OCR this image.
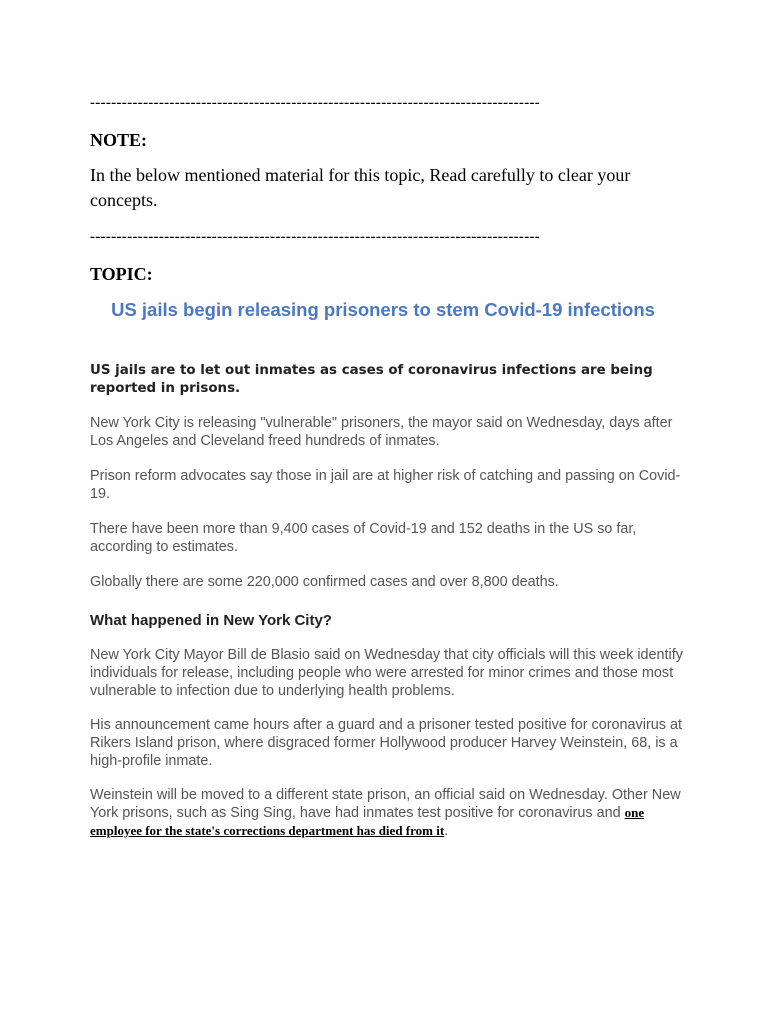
-------------------------------------------------------------------------------------
NOTE:
In the below mentioned material for this topic, Read carefully to clear your concepts.
-------------------------------------------------------------------------------------
TOPIC:
US jails begin releasing prisoners to stem Covid-19 infections
US jails are to let out inmates as cases of coronavirus infections are being reported in prisons.
New York City is releasing "vulnerable" prisoners, the mayor said on Wednesday, days after Los Angeles and Cleveland freed hundreds of inmates.
Prison reform advocates say those in jail are at higher risk of catching and passing on Covid-19.
There have been more than 9,400 cases of Covid-19 and 152 deaths in the US so far, according to estimates.
Globally there are some 220,000 confirmed cases and over 8,800 deaths.
What happened in New York City?
New York City Mayor Bill de Blasio said on Wednesday that city officials will this week identify individuals for release, including people who were arrested for minor crimes and those most vulnerable to infection due to underlying health problems.
His announcement came hours after a guard and a prisoner tested positive for coronavirus at Rikers Island prison, where disgraced former Hollywood producer Harvey Weinstein, 68, is a high-profile inmate.
Weinstein will be moved to a different state prison, an official said on Wednesday. Other New York prisons, such as Sing Sing, have had inmates test positive for coronavirus and one employee for the state's corrections department has died from it.
